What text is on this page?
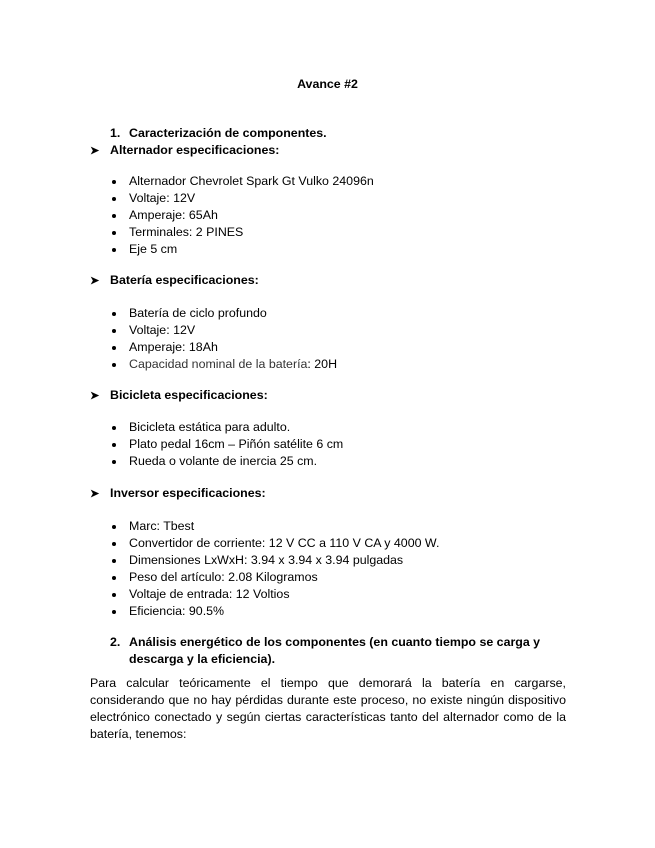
Avance #2
1. Caracterización de componentes.
➤ Alternador especificaciones:
Alternador Chevrolet Spark Gt Vulko 24096n
Voltaje: 12V
Amperaje: 65Ah
Terminales: 2 PINES
Eje 5 cm
➤ Batería especificaciones:
Batería de ciclo profundo
Voltaje: 12V
Amperaje: 18Ah
Capacidad nominal de la batería: 20H
➤ Bicicleta especificaciones:
Bicicleta estática para adulto.
Plato pedal 16cm – Piñón satélite 6 cm
Rueda o volante de inercia 25 cm.
➤ Inversor especificaciones:
Marc: Tbest
Convertidor de corriente: 12 V CC a 110 V CA y 4000 W.
Dimensiones LxWxH: 3.94 x 3.94 x 3.94 pulgadas
Peso del artículo: 2.08 Kilogramos
Voltaje de entrada: 12 Voltios
Eficiencia: 90.5%
2. Análisis energético de los componentes (en cuanto tiempo se carga y descarga y la eficiencia).

Para calcular teóricamente el tiempo que demorará la batería en cargarse, considerando que no hay pérdidas durante este proceso, no existe ningún dispositivo electrónico conectado y según ciertas características tanto del alternador como de la batería, tenemos:
